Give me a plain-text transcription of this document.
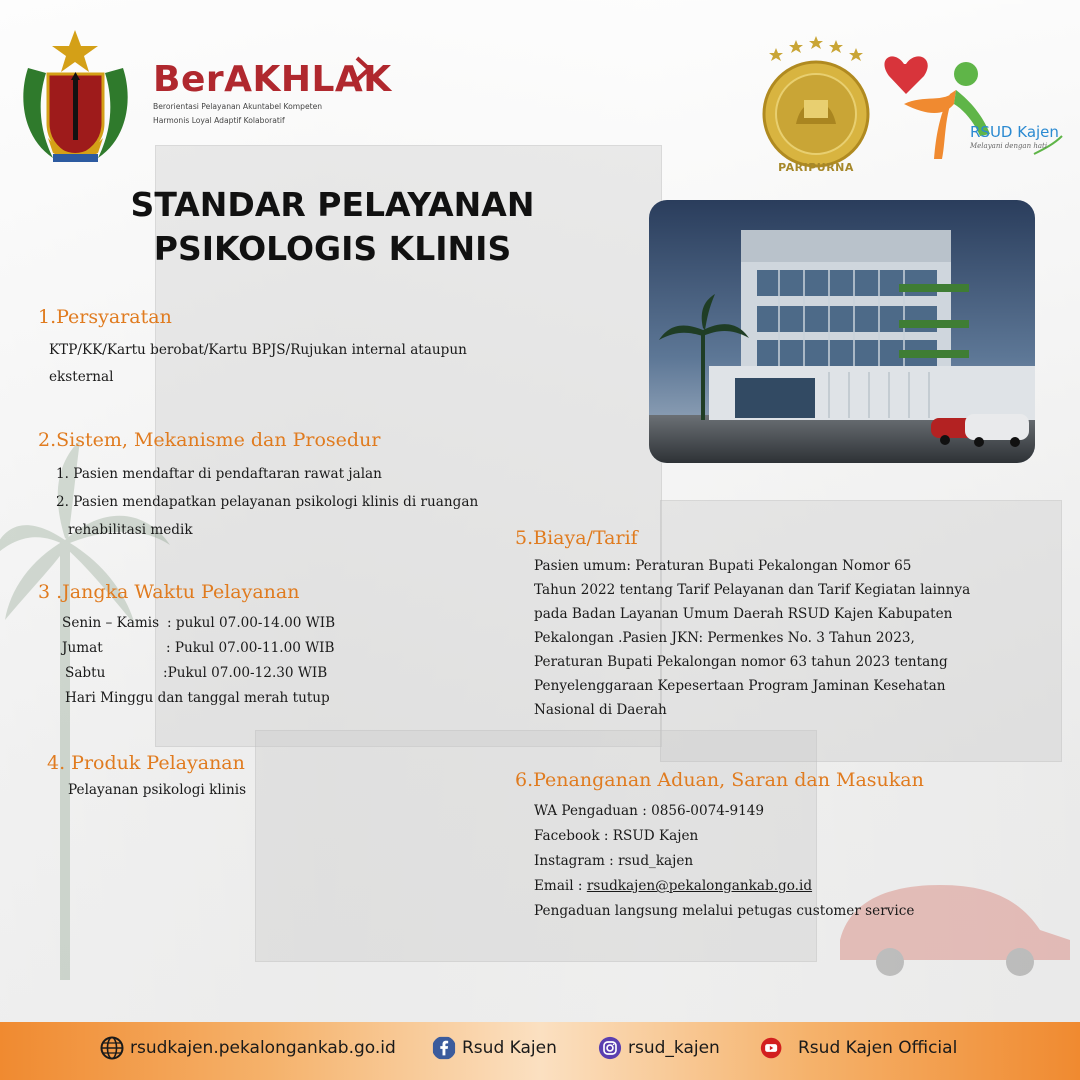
BerAKHLAK
Berorientasi Pelayanan Akuntabel Kompeten
Harmonis Loyal Adaptif Kolaboratif
PARIPURNA
RSUD Kajen
Melayani dengan hati
STANDAR PELAYANAN
PSIKOLOGIS KLINIS
1.Persyaratan
KTP/KK/Kartu berobat/Kartu BPJS/Rujukan internal ataupun
eksternal
2.Sistem, Mekanisme dan Prosedur
1. Pasien mendaftar di pendaftaran rawat jalan
2. Pasien mendapatkan pelayanan psikologi klinis di ruangan
rehabilitasi medik
3 .Jangka Waktu Pelayanan
Senin – Kamis : pukul 07.00-14.00 WIB
Jumat	: Pukul 07.00-11.00 WIB
Sabtu	:Pukul 07.00-12.30 WIB
Hari Minggu dan tanggal merah tutup
4. Produk Pelayanan
Pelayanan psikologi klinis
5.Biaya/Tarif
Pasien umum: Peraturan Bupati Pekalongan Nomor 65
Tahun 2022 tentang Tarif Pelayanan dan Tarif Kegiatan lainnya
pada Badan Layanan Umum Daerah RSUD Kajen Kabupaten
Pekalongan .Pasien JKN: Permenkes No. 3 Tahun 2023,
Peraturan Bupati Pekalongan nomor 63 tahun 2023 tentang
Penyelenggaraan Kepesertaan Program Jaminan Kesehatan
Nasional di Daerah
6.Penanganan Aduan, Saran dan Masukan
WA Pengaduan : 0856-0074-9149
Facebook : RSUD Kajen
Instagram : rsud_kajen
Email : rsudkajen@pekalongankab.go.id
Pengaduan langsung melalui petugas customer service
rsudkajen.pekalongankab.go.id	Rsud Kajen	rsud_kajen	Rsud Kajen Official
